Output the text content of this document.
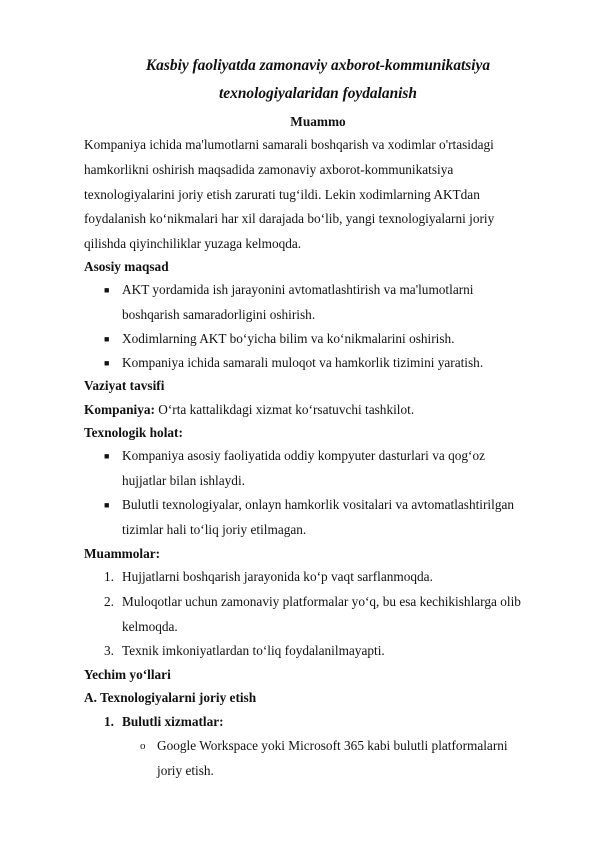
Kasbiy faoliyatda zamonaviy axborot-kommunikatsiya
texnologiyalaridan foydalanish
Muammo
Kompaniya ichida ma'lumotlarni samarali boshqarish va xodimlar o'rtasidagi
hamkorlikni oshirish maqsadida zamonaviy axborot-kommunikatsiya
texnologiyalarini joriy etish zarurati tug‘ildi. Lekin xodimlarning AKTdan
foydalanish ko‘nikmalari har xil darajada bo‘lib, yangi texnologiyalarni joriy
qilishda qiyinchiliklar yuzaga kelmoqda.
Asosiy maqsad
■ AKT yordamida ish jarayonini avtomatlashtirish va ma'lumotlarni
boshqarish samaradorligini oshirish.
■ Xodimlarning AKT bo‘yicha bilim va ko‘nikmalarini oshirish.
■ Kompaniya ichida samarali muloqot va hamkorlik tizimini yaratish.
Vaziyat tavsifi
Kompaniya: O‘rta kattalikdagi xizmat ko‘rsatuvchi tashkilot.
Texnologik holat:
■ Kompaniya asosiy faoliyatida oddiy kompyuter dasturlari va qog‘oz
hujjatlar bilan ishlaydi.
■ Bulutli texnologiyalar, onlayn hamkorlik vositalari va avtomatlashtirilgan
tizimlar hali to‘liq joriy etilmagan.
Muammolar:
1. Hujjatlarni boshqarish jarayonida ko‘p vaqt sarflanmoqda.
2. Muloqotlar uchun zamonaviy platformalar yo‘q, bu esa kechikishlarga olib
kelmoqda.
3. Texnik imkoniyatlardan to‘liq foydalanilmayapti.
Yechim yo‘llari
A. Texnologiyalarni joriy etish
1. Bulutli xizmatlar:
o Google Workspace yoki Microsoft 365 kabi bulutli platformalarni
joriy etish.
